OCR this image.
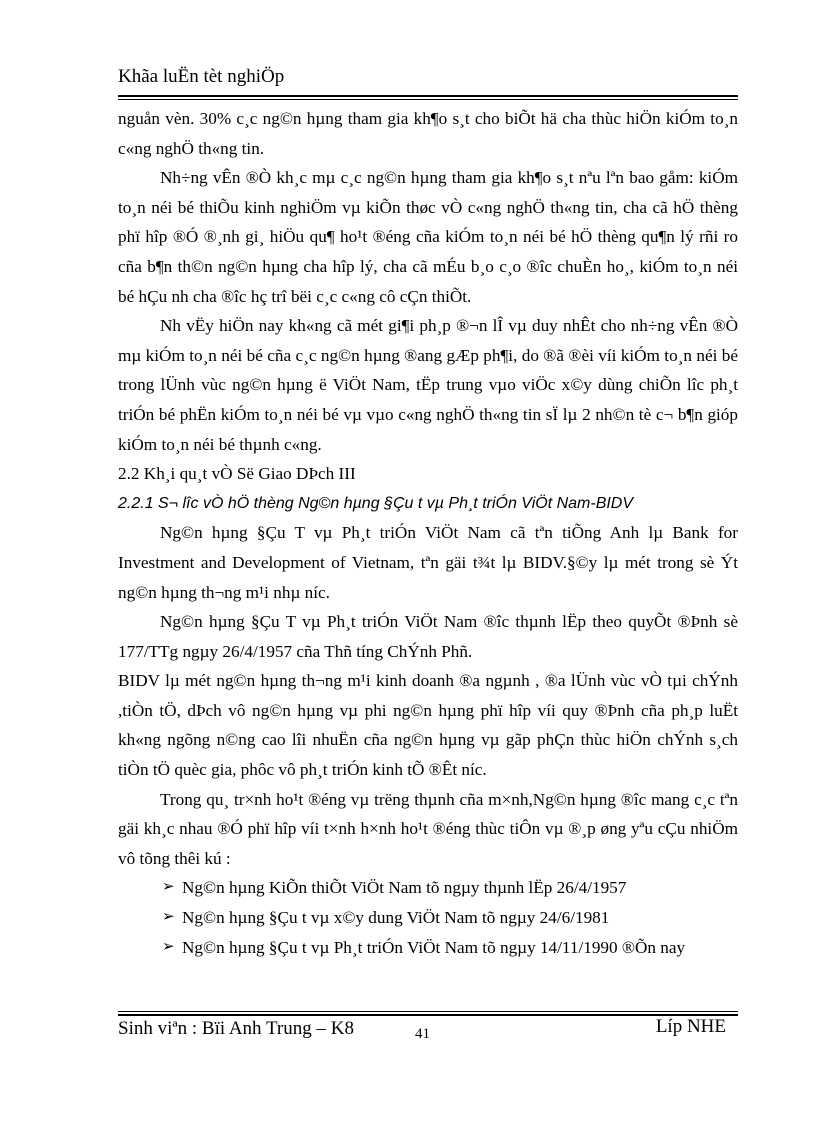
Khãa luËn tèt nghiÖp

nguån vèn. 30% c¸c ng©n hµng tham gia kh¶o s¸t cho biÕt hä cha thùc hiÖn kiÓm to¸n c«ng nghÖ th«ng tin.

Nh÷ng vÊn ®Ò kh¸c mµ c¸c ng©n hµng tham gia kh¶o s¸t nªu lªn bao gåm: kiÓm to¸n néi bé thiÕu kinh nghiÖm vµ kiÕn thøc vÒ c«ng nghÖ th«ng tin, cha cã hÖ thèng phï hîp ®Ó ®¸nh gi¸ hiÖu qu¶ ho¹t ®éng cña kiÓm to¸n néi bé hÖ thèng qu¶n lý rñi ro cña b¶n th©n ng©n hµng cha hîp lý, cha cã mÉu b¸o c¸o ®îc chuÈn ho¸, kiÓm to¸n néi bé hÇu nh cha ®îc hç trî bëi c¸c c«ng cô cÇn thiÕt.

Nh vËy hiÖn nay kh«ng cã mét gi¶i ph¸p ®¬n lÎ vµ duy nhÊt cho nh÷ng vÊn ®Ò mµ kiÓm to¸n néi bé cña c¸c ng©n hµng ®ang gÆp ph¶i, do ®ã ®èi víi kiÓm to¸n néi bé trong lÜnh vùc ng©n hµng ë ViÖt Nam, tËp trung vµo viÖc x©y dùng chiÕn lîc ph¸t triÓn bé phËn kiÓm to¸n néi bé vµ vµo c«ng nghÖ th«ng tin sÏ lµ 2 nh©n tè c¬ b¶n gióp kiÓm to¸n néi bé thµnh c«ng.

2.2 Kh¸i qu¸t vÒ Së Giao DÞch III

2.2.1 S¬ lîc vÒ hÖ thèng Ng©n hµng §Çu t vµ Ph¸t triÓn ViÖt Nam-BIDV

Ng©n hµng §Çu T vµ Ph¸t triÓn ViÖt Nam cã tªn tiÕng Anh lµ Bank for Investment and Development of Vietnam, tªn gäi t¾t lµ BIDV.§©y lµ mét trong sè Ýt ng©n hµng th¬ng m¹i nhµ níc.

Ng©n hµng §Çu T vµ Ph¸t triÓn ViÖt Nam ®îc thµnh lËp theo quyÕt ®Þnh sè 177/TTg ngµy 26/4/1957 cña Thñ tíng ChÝnh Phñ.

BIDV lµ mét ng©n hµng th¬ng m¹i kinh doanh ®a ngµnh , ®a lÜnh vùc vÒ tµi chÝnh ,tiÒn tÖ, dÞch vô ng©n hµng vµ phi ng©n hµng phï hîp víi quy ®Þnh cña ph¸p luËt kh«ng ngõng n©ng cao lîi nhuËn cña ng©n hµng vµ gãp phÇn thùc hiÖn chÝnh s¸ch tiÒn tÖ quèc gia, phôc vô ph¸t triÓn kinh tÕ ®Êt níc.

Trong qu¸ tr×nh ho¹t ®éng vµ trëng thµnh cña m×nh,Ng©n hµng ®îc mang c¸c tªn gäi kh¸c nhau ®Ó phï hîp víi t×nh h×nh ho¹t ®éng thùc tiÔn vµ ®¸p øng yªu cÇu nhiÖm vô tõng thêi kú :

➢ Ng©n hµng KiÕn thiÕt ViÖt Nam tõ ngµy thµnh lËp 26/4/1957
➢ Ng©n hµng §Çu t vµ x©y dung ViÖt Nam tõ ngµy 24/6/1981
➢ Ng©n hµng §Çu t vµ Ph¸t triÓn ViÖt Nam tõ ngµy 14/11/1990 ®Õn nay
Sinh viªn : Bïi Anh Trung – K8	41	Líp NHE
